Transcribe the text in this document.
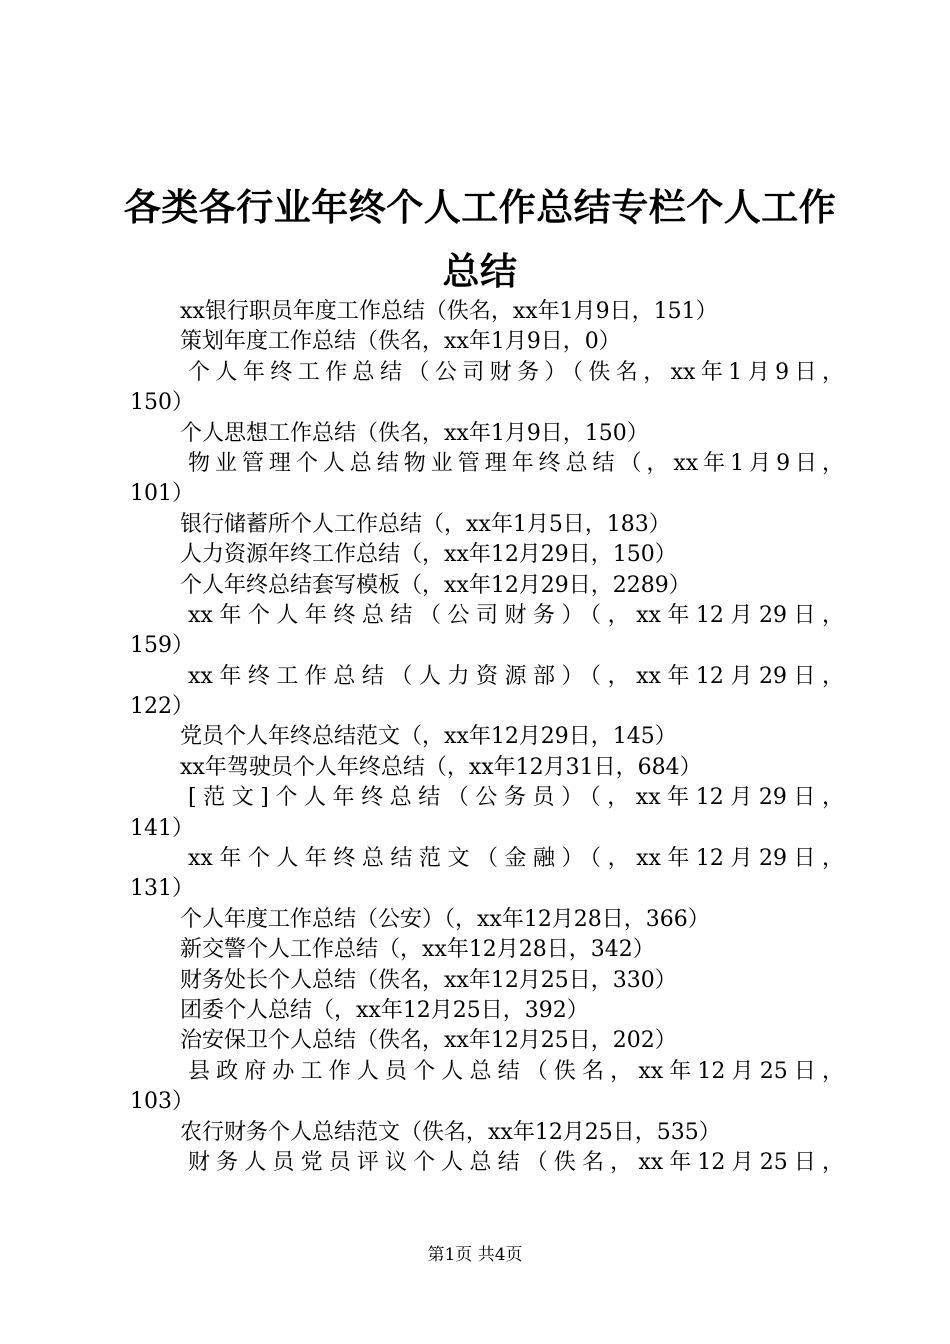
各类各行业年终个人工作总结专栏个人工作总结
xx银行职员年度工作总结（佚名，xx年1月9日，151）
策划年度工作总结（佚名，xx年1月9日，0）
个人年终工作总结（公司财务）（佚名，xx年1月9日，
150）
个人思想工作总结（佚名，xx年1月9日，150）
物业管理个人总结物业管理年终总结（，xx年1月9日，
101）
银行储蓄所个人工作总结（，xx年1月5日，183）
人力资源年终工作总结（，xx年12月29日，150）
个人年终总结套写模板（，xx年12月29日，2289）
xx年个人年终总结（公司财务）（，xx年12月29日，
159）
xx年终工作总结（人力资源部）（，xx年12月29日，
122）
党员个人年终总结范文（，xx年12月29日，145）
xx年驾驶员个人年终总结（，xx年12月31日，684）
[范文]个人年终总结（公务员）（，xx年12月29日，
141）
xx年个人年终总结范文（金融）（，xx年12月29日，
131）
个人年度工作总结（公安）（，xx年12月28日，366）
新交警个人工作总结（，xx年12月28日，342）
财务处长个人总结（佚名，xx年12月25日，330）
团委个人总结（，xx年12月25日，392）
治安保卫个人总结（佚名，xx年12月25日，202）
县政府办工作人员个人总结（佚名，xx年12月25日，
103）
农行财务个人总结范文（佚名，xx年12月25日，535）
财务人员党员评议个人总结（佚名，xx年12月25日，
第1页 共4页
